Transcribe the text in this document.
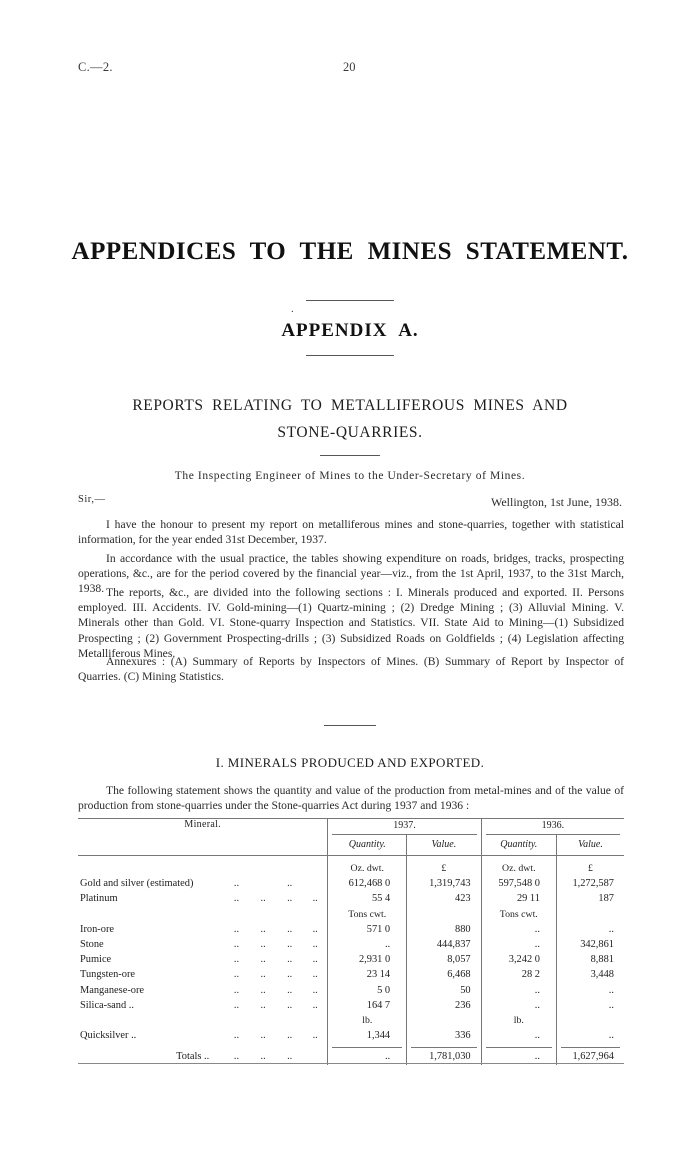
C.—2.	20
APPENDICES TO THE MINES STATEMENT.
.
APPENDIX A.
REPORTS RELATING TO METALLIFEROUS MINES AND
STONE-QUARRIES.
The Inspecting Engineer of Mines to the Under-Secretary of Mines.
Sir,—	Wellington, 1st June, 1938.
I have the honour to present my report on metalliferous mines and stone-quarries, together with statistical information, for the year ended 31st December, 1937.
In accordance with the usual practice, the tables showing expenditure on roads, bridges, tracks, prospecting operations, &c., are for the period covered by the financial year—viz., from the 1st April, 1937, to the 31st March, 1938. The reports, &c., are divided into the following sections : I. Minerals produced and exported. II. Persons employed. III. Accidents. IV. Gold-mining—(1) Quartz-mining ; (2) Dredge Mining ; (3) Alluvial Mining. V. Minerals other than Gold. VI. Stone-quarry Inspection and Statistics. VII. State Aid to Mining—(1) Subsidized Prospecting ; (2) Government Prospecting-drills ; (3) Subsidized Roads on Goldfields ; (4) Legislation affecting Metalliferous Mines.
Annexures : (A) Summary of Reports by Inspectors of Mines. (B) Summary of Report by Inspector of Quarries. (C) Mining Statistics.
I. MINERALS PRODUCED AND EXPORTED.
The following statement shows the quantity and value of the production from metal-mines and of the value of production from stone-quarries under the Stone-quarries Act during 1937 and 1936 :
Mineral.					1937.		1936.	

					Quantity.	Value.	Quantity.	Value.

					Oz. dwt.	£	Oz. dwt.	£
Gold and silver (estimated)	..		..		612,468 0	1,319,743	597,548 0	1,272,587
Platinum	..	..	..	..	55 4	423	29 11	187
					Tons cwt.		Tons cwt.	
Iron-ore	..	..	..	..	571 0	880	..	..
Stone	..	..	..	..	..	444,837	..	342,861
Pumice	..	..	..	..	2,931 0	8,057	3,242 0	8,881
Tungsten-ore	..	..	..	..	23 14	6,468	28 2	3,448
Manganese-ore	..	..	..	..	5 0	50	..	..
Silica-sand ..	..	..	..	..	164 7	236	..	..
					lb.		lb.	
Quicksilver ..	..	..	..	..	1,344	336	..	..

Totals ..	..	..	..		..	1,781,030	..	1,627,964
